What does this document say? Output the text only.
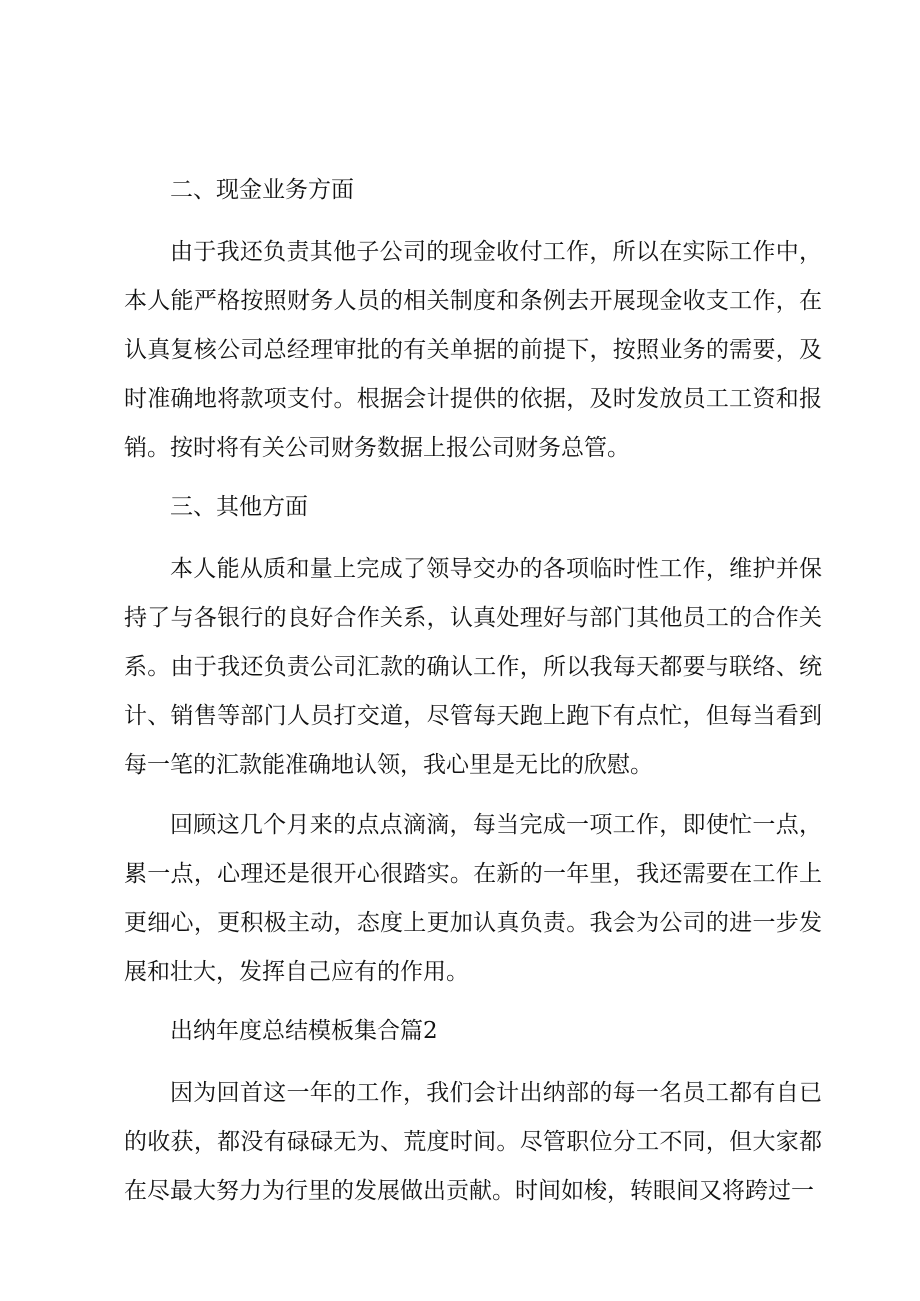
二、现金业务方面

由于我还负责其他子公司的现金收付工作，所以在实际工作中，本人能严格按照财务人员的相关制度和条例去开展现金收支工作，在认真复核公司总经理审批的有关单据的前提下，按照业务的需要，及时准确地将款项支付。根据会计提供的依据，及时发放员工工资和报销。按时将有关公司财务数据上报公司财务总管。

三、其他方面

本人能从质和量上完成了领导交办的各项临时性工作，维护并保持了与各银行的良好合作关系，认真处理好与部门其他员工的合作关系。由于我还负责公司汇款的确认工作，所以我每天都要与联络、统计、销售等部门人员打交道，尽管每天跑上跑下有点忙，但每当看到每一笔的汇款能准确地认领，我心里是无比的欣慰。

回顾这几个月来的点点滴滴，每当完成一项工作，即使忙一点，累一点，心理还是很开心很踏实。在新的一年里，我还需要在工作上更细心，更积极主动，态度上更加认真负责。我会为公司的进一步发展和壮大，发挥自己应有的作用。

出纳年度总结模板集合篇2

因为回首这一年的工作，我们会计出纳部的每一名员工都有自已的收获，都没有碌碌无为、荒度时间。尽管职位分工不同，但大家都在尽最大努力为行里的发展做出贡献。时间如梭，转眼间又将跨过一
